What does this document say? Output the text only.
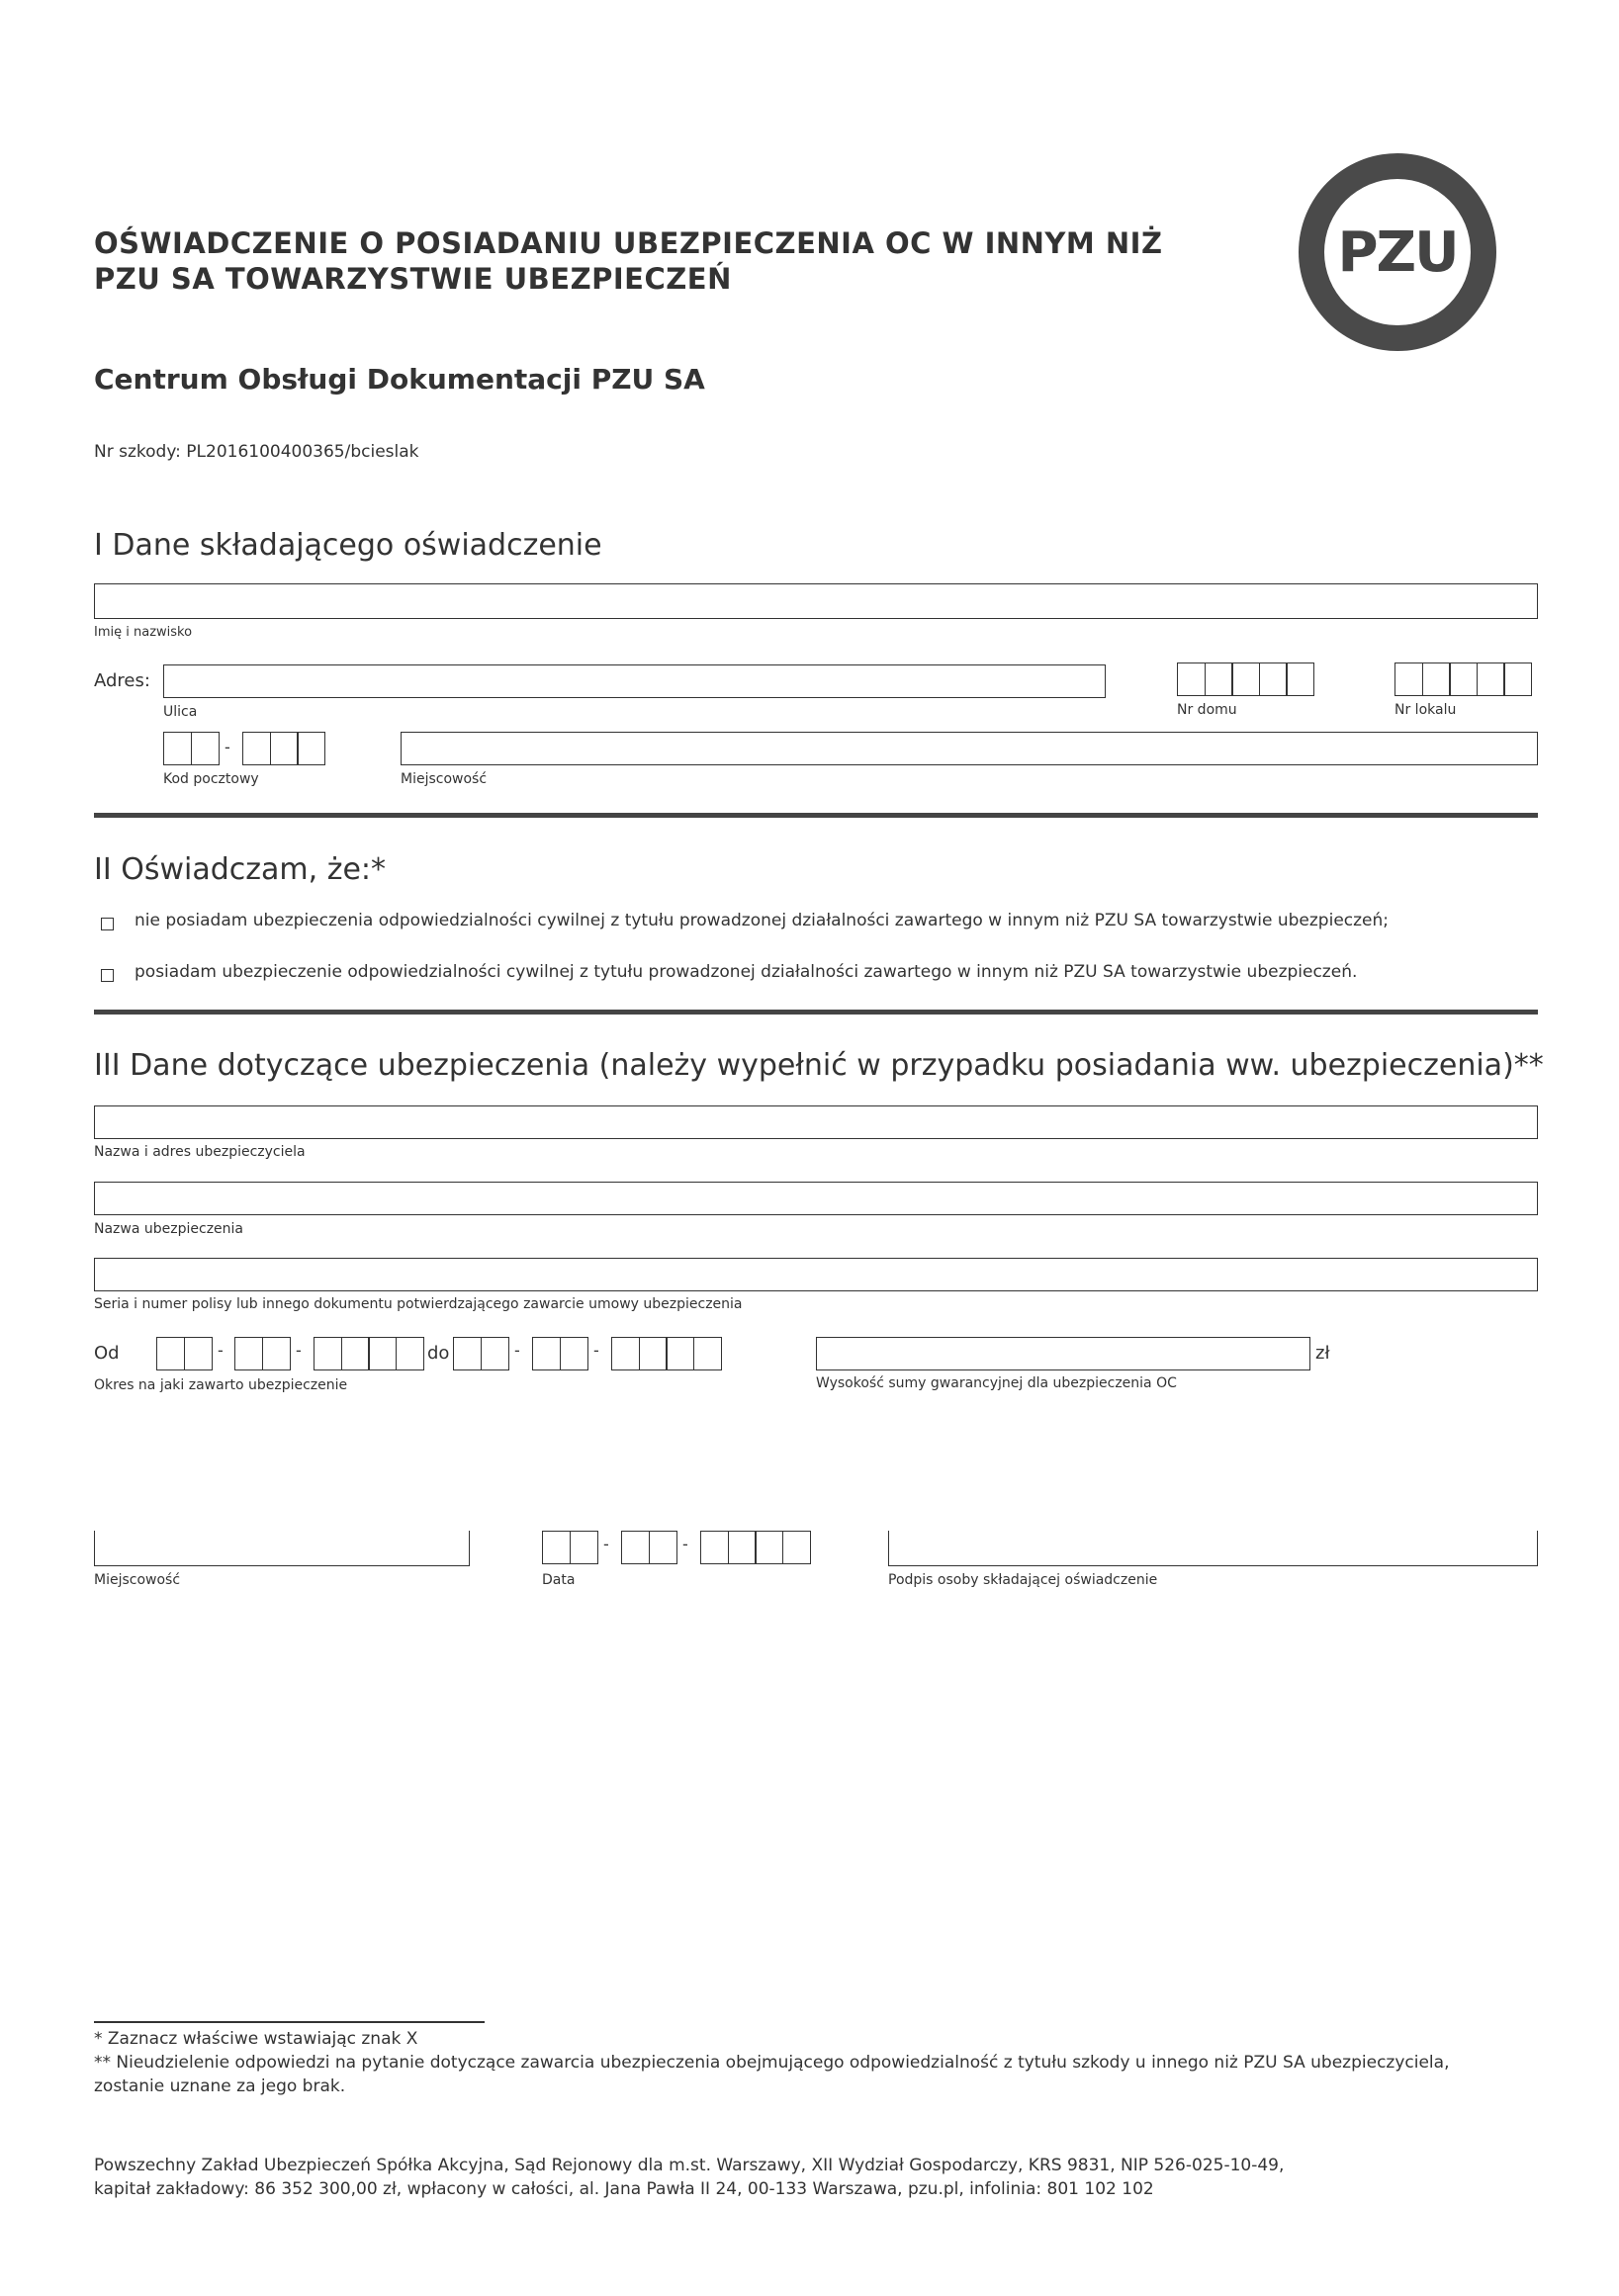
OŚWIADCZENIE O POSIADANIU UBEZPIECZENIA OC W INNYM NIŻ
PZU SA TOWARZYSTWIE UBEZPIECZEŃ	PZU
Centrum Obsługi Dokumentacji PZU SA
Nr szkody: PL2016100400365/bcieslak
I Dane składającego oświadczenie
Imię i nazwisko
Adres:
Ulica	Nr domu	Nr lokalu
-
Kod pocztowy	Miejscowość
II Oświadczam, że:*
nie posiadam ubezpieczenia odpowiedzialności cywilnej z tytułu prowadzonej działalności zawartego w innym niż PZU SA towarzystwie ubezpieczeń;
posiadam ubezpieczenie odpowiedzialności cywilnej z tytułu prowadzonej działalności zawartego w innym niż PZU SA towarzystwie ubezpieczeń.
III Dane dotyczące ubezpieczenia (należy wypełnić w przypadku posiadania ww. ubezpieczenia)**
Nazwa i adres ubezpieczyciela
Nazwa ubezpieczenia
Seria i numer polisy lub innego dokumentu potwierdzającego zawarcie umowy ubezpieczenia
Od	-	-	do	-	-
Okres na jaki zawarto ubezpieczenie
zł
Wysokość sumy gwarancyjnej dla ubezpieczenia OC
Miejscowość
-	-
Data	Podpis osoby składającej oświadczenie
* Zaznacz właściwe wstawiając znak X
** Nieudzielenie odpowiedzi na pytanie dotyczące zawarcia ubezpieczenia obejmującego odpowiedzialność z tytułu szkody u innego niż PZU SA ubezpieczyciela,
zostanie uznane za jego brak.
Powszechny Zakład Ubezpieczeń Spółka Akcyjna, Sąd Rejonowy dla m.st. Warszawy, XII Wydział Gospodarczy, KRS 9831, NIP 526-025-10-49,
kapitał zakładowy: 86 352 300,00 zł, wpłacony w całości, al. Jana Pawła II 24, 00-133 Warszawa, pzu.pl, infolinia: 801 102 102
